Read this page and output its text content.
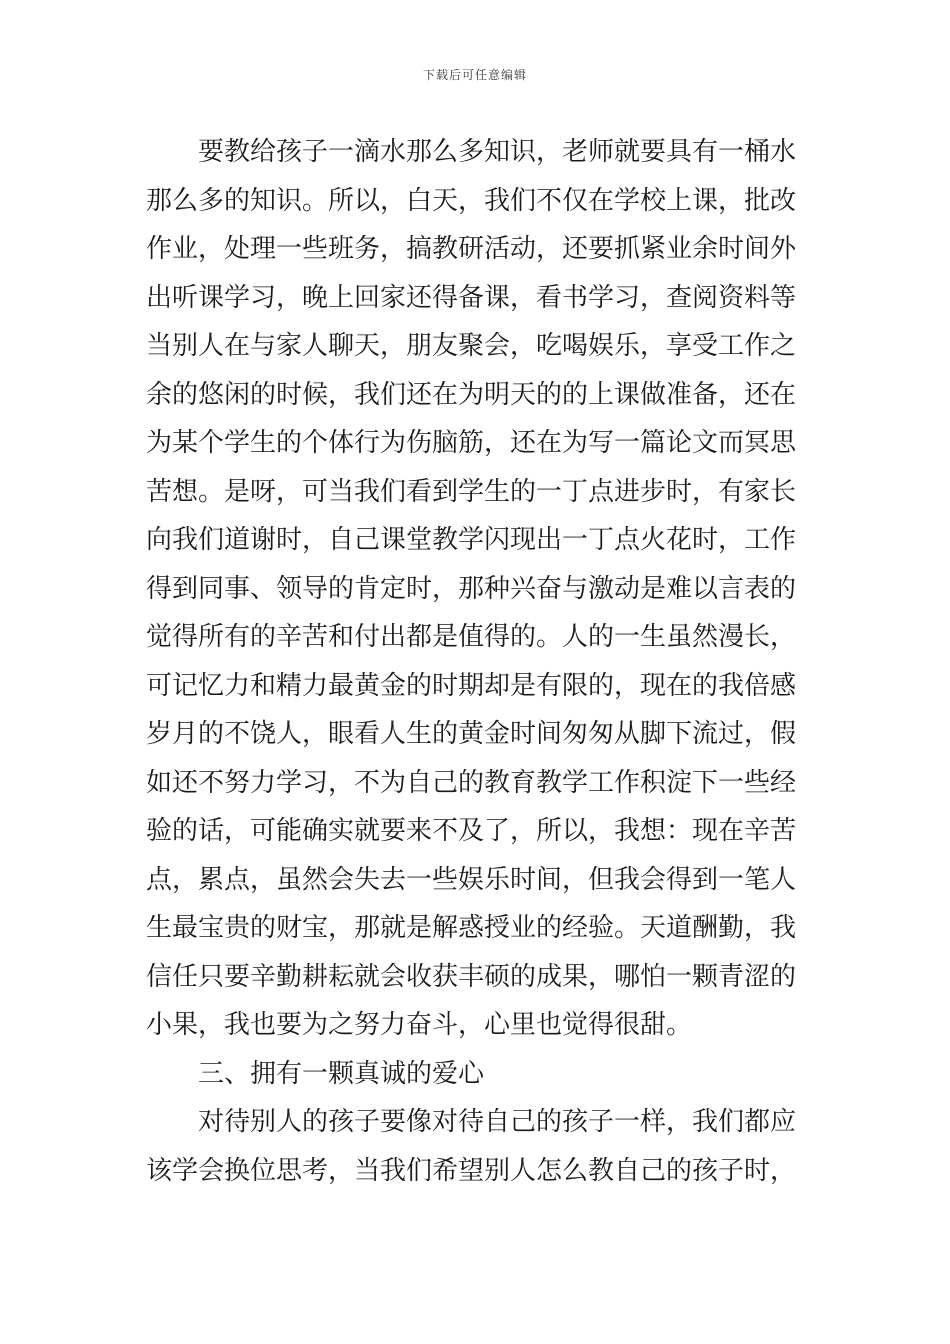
下载后可任意编辑
要教给孩子一滴水那么多知识，老师就要具有一桶水
那么多的知识。所以，白天，我们不仅在学校上课，批改
作业，处理一些班务，搞教研活动，还要抓紧业余时间外
出听课学习，晚上回家还得备课，看书学习，查阅资料等
当别人在与家人聊天，朋友聚会，吃喝娱乐，享受工作之
余的悠闲的时候，我们还在为明天的的上课做准备，还在
为某个学生的个体行为伤脑筋，还在为写一篇论文而冥思
苦想。是呀，可当我们看到学生的一丁点进步时，有家长
向我们道谢时，自己课堂教学闪现出一丁点火花时，工作
得到同事、领导的肯定时，那种兴奋与激动是难以言表的
觉得所有的辛苦和付出都是值得的。人的一生虽然漫长，
可记忆力和精力最黄金的时期却是有限的，现在的我倍感
岁月的不饶人，眼看人生的黄金时间匆匆从脚下流过，假
如还不努力学习，不为自己的教育教学工作积淀下一些经
验的话，可能确实就要来不及了，所以，我想：现在辛苦
点，累点，虽然会失去一些娱乐时间，但我会得到一笔人
生最宝贵的财宝，那就是解惑授业的经验。天道酬勤，我
信任只要辛勤耕耘就会收获丰硕的成果，哪怕一颗青涩的
小果，我也要为之努力奋斗，心里也觉得很甜。
三、拥有一颗真诚的爱心
对待别人的孩子要像对待自己的孩子一样，我们都应
该学会换位思考，当我们希望别人怎么教自己的孩子时，
